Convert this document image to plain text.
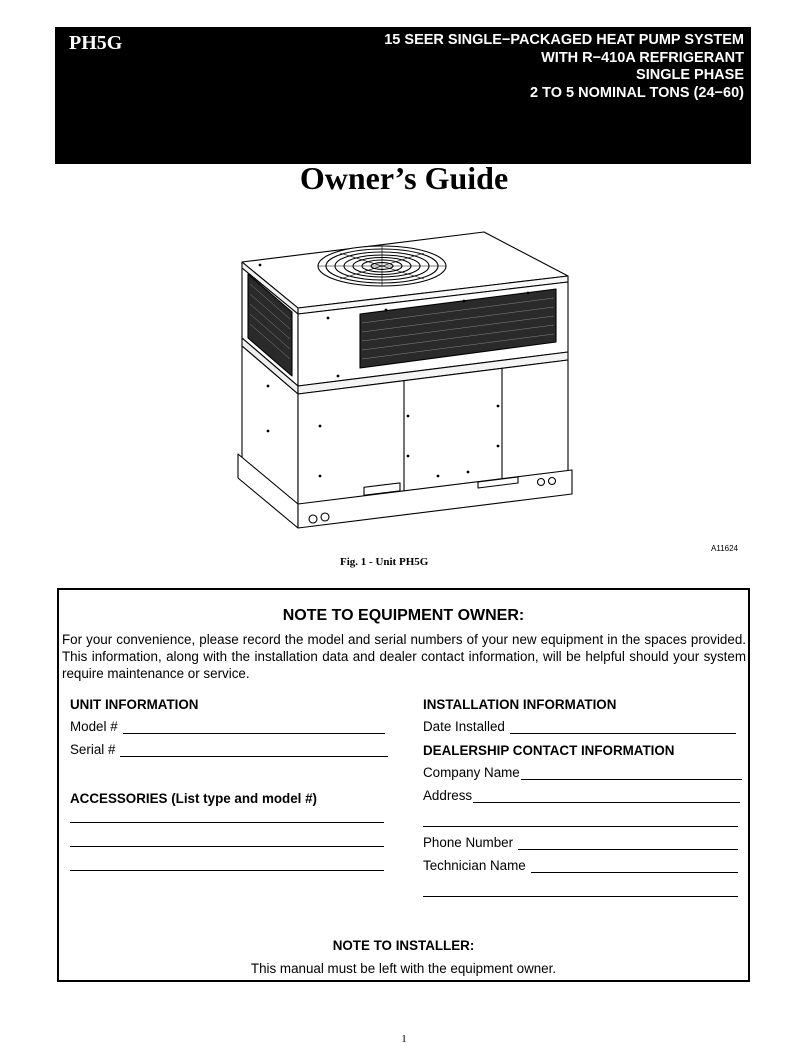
PH5G	15 SEER SINGLE−PACKAGED HEAT PUMP SYSTEM
WITH R−410A REFRIGERANT
SINGLE PHASE
2 TO 5 NOMINAL TONS (24−60)
Owner’s Guide
A11624
Fig. 1 - Unit PH5G
NOTE TO EQUIPMENT OWNER:
For your convenience, please record the model and serial numbers of your new equipment in the spaces provided. This information, along with the installation data and dealer contact information, will be helpful should your system require maintenance or service.
UNIT INFORMATION
Model #
Serial #
ACCESSORIES (List type and model #)
INSTALLATION INFORMATION
Date Installed
DEALERSHIP CONTACT INFORMATION
Company Name
Address
Phone Number
Technician Name
NOTE TO INSTALLER:
This manual must be left with the equipment owner.
1
